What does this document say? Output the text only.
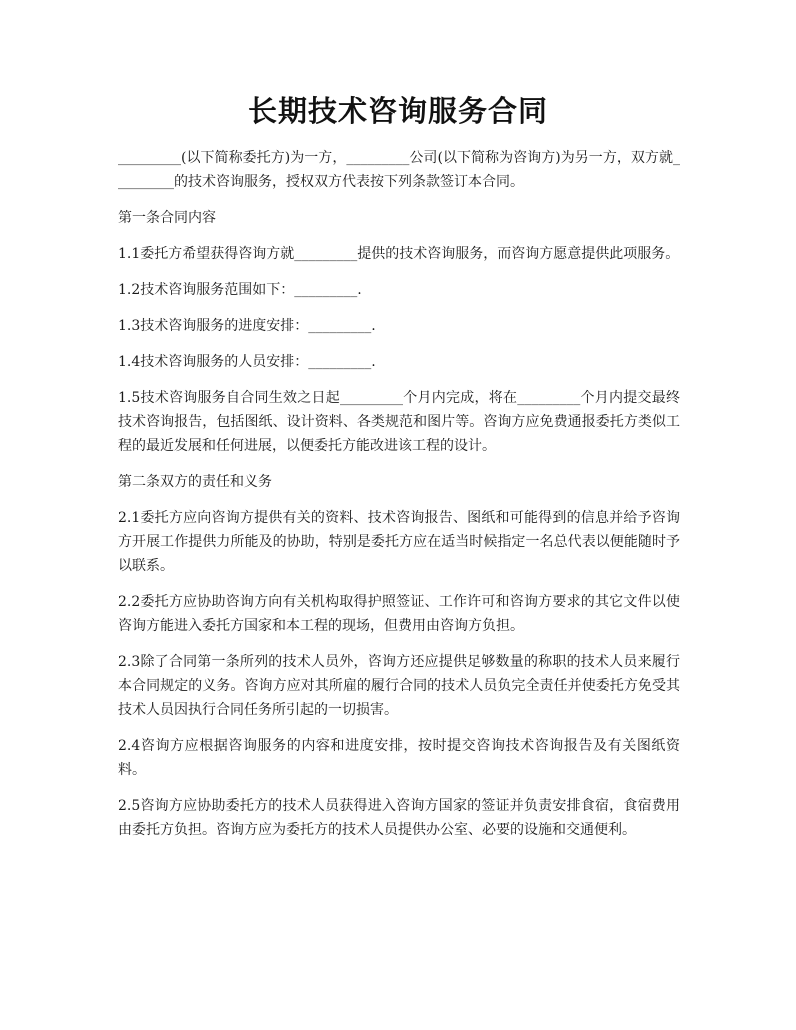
长期技术咨询服务合同

_________(以下简称委托方)为一方，_________公司(以下简称为咨询方)为另一方，双方就_________的技术咨询服务，授权双方代表按下列条款签订本合同。

第一条合同内容

1.1委托方希望获得咨询方就_________提供的技术咨询服务，而咨询方愿意提供此项服务。

1.2技术咨询服务范围如下：_________.

1.3技术咨询服务的进度安排：_________.

1.4技术咨询服务的人员安排：_________.

1.5技术咨询服务自合同生效之日起_________个月内完成，将在_________个月内提交最终技术咨询报告，包括图纸、设计资料、各类规范和图片等。咨询方应免费通报委托方类似工程的最近发展和任何进展，以便委托方能改进该工程的设计。

第二条双方的责任和义务

2.1委托方应向咨询方提供有关的资料、技术咨询报告、图纸和可能得到的信息并给予咨询方开展工作提供力所能及的协助，特别是委托方应在适当时候指定一名总代表以便能随时予以联系。

2.2委托方应协助咨询方向有关机构取得护照签证、工作许可和咨询方要求的其它文件以使咨询方能进入委托方国家和本工程的现场，但费用由咨询方负担。

2.3除了合同第一条所列的技术人员外，咨询方还应提供足够数量的称职的技术人员来履行本合同规定的义务。咨询方应对其所雇的履行合同的技术人员负完全责任并使委托方免受其技术人员因执行合同任务所引起的一切损害。

2.4咨询方应根据咨询服务的内容和进度安排，按时提交咨询技术咨询报告及有关图纸资料。

2.5咨询方应协助委托方的技术人员获得进入咨询方国家的签证并负责安排食宿，食宿费用由委托方负担。咨询方应为委托方的技术人员提供办公室、必要的设施和交通便利。
